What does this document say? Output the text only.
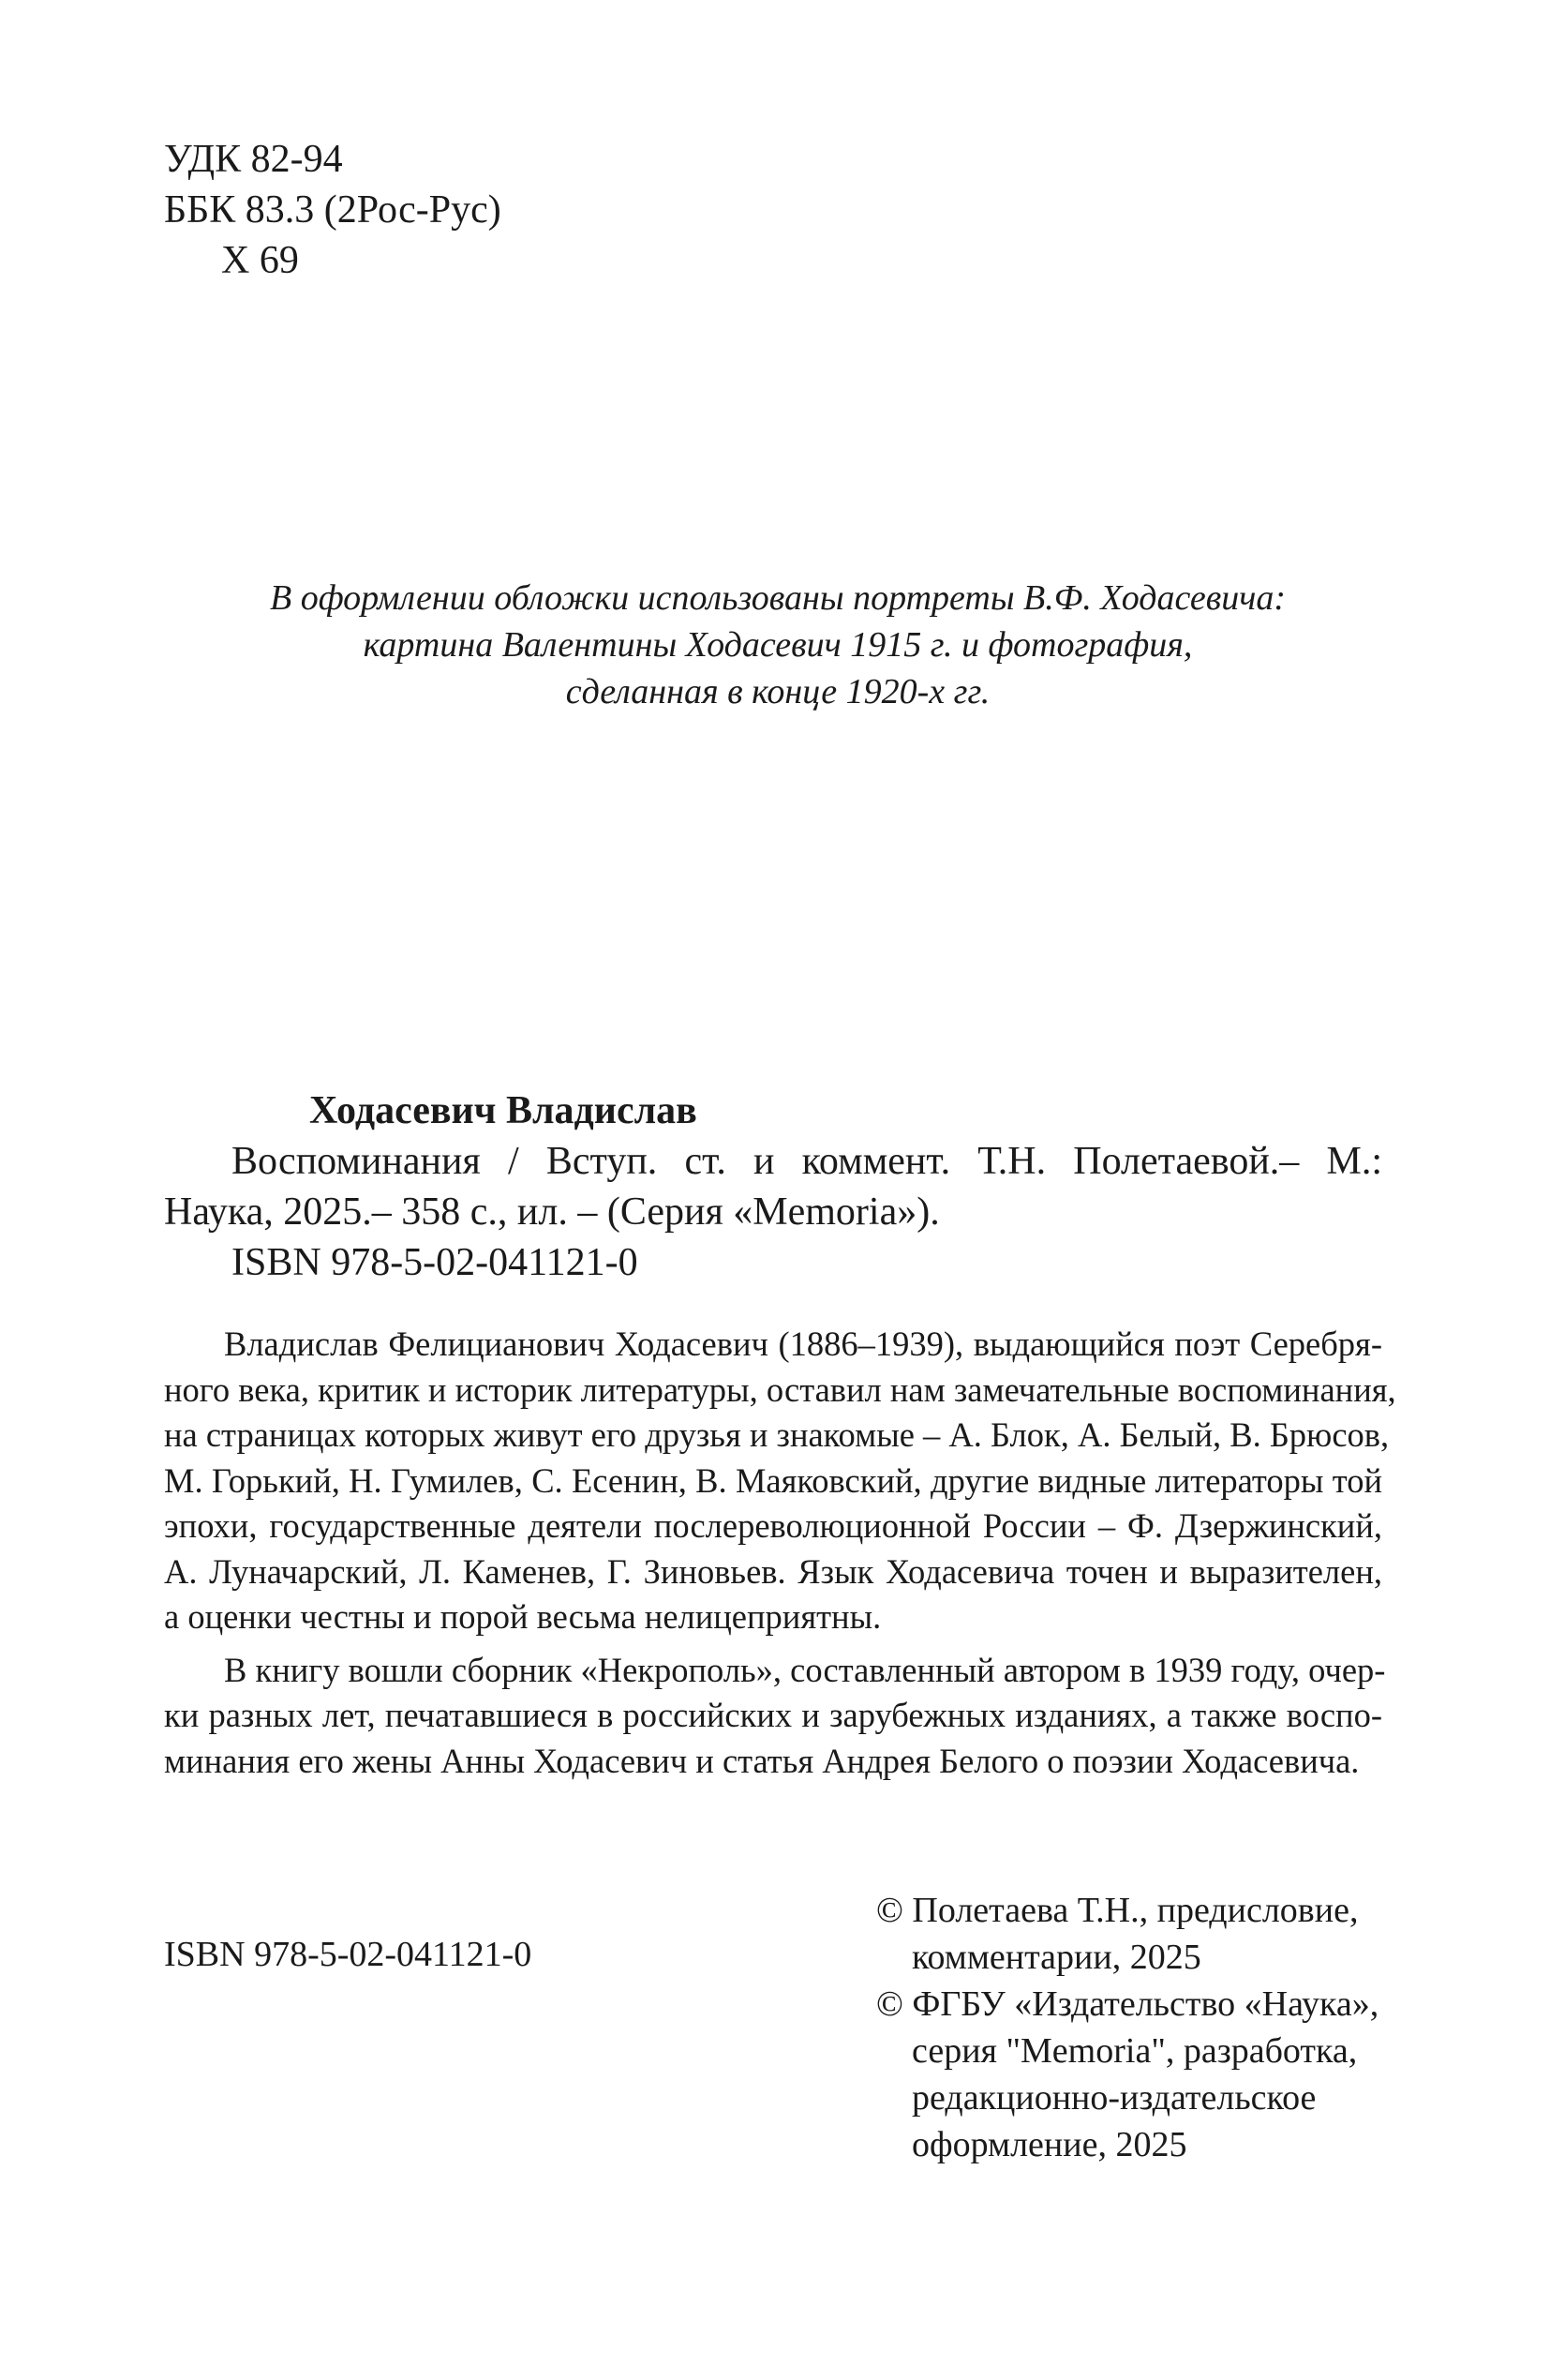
УДК 82-94
ББК 83.3 (2Рос-Рус)
Х 69
В оформлении обложки использованы портреты В.Ф. Ходасевича:
картина Валентины Ходасевич 1915 г. и фотография,
сделанная в конце 1920-х гг.
Ходасевич Владислав
Воспоминания / Вступ. ст. и коммент. Т.Н. Полетаевой.– М.:
Наука, 2025.– 358 с., ил. – (Серия «Memoria»).
ISBN 978-5-02-041121-0

Владислав Фелицианович Ходасевич (1886–1939), выдающийся поэт Серебря-
ного века, критик и историк литературы, оставил нам замечательные воспоминания,
на страницах которых живут его друзья и знакомые – А. Блок, А. Белый, В. Брюсов,
М. Горький, Н. Гумилев, С. Есенин, В. Маяковский, другие видные литераторы той
эпохи, государственные деятели послереволюционной России – Ф. Дзержинский,
А. Луначарский, Л. Каменев, Г. Зиновьев. Язык Ходасевича точен и выразителен,
а оценки честны и порой весьма нелицеприятны.

В книгу вошли сборник «Некрополь», составленный автором в 1939 году, очер-
ки разных лет, печатавшиеся в российских и зарубежных изданиях, а также воспо-
минания его жены Анны Ходасевич и статья Андрея Белого о поэзии Ходасевича.

ISBN 978-5-02-041121-0
© Полетаева Т.Н., предисловие,
комментарии, 2025
© ФГБУ «Издательство «Наука»,
серия "Memoria", разработка,
редакционно-издательское
оформление, 2025
